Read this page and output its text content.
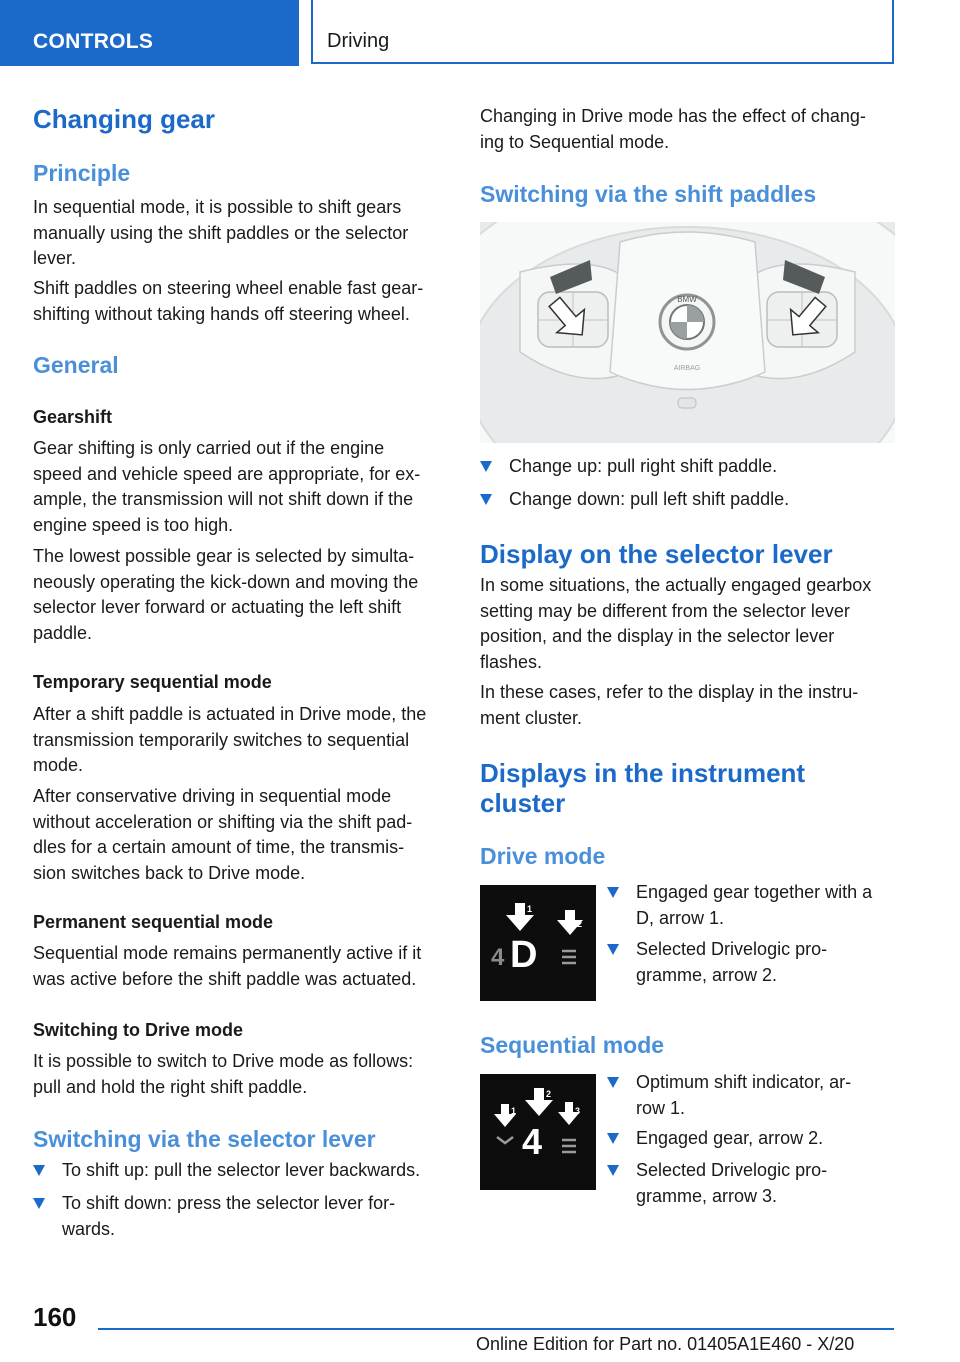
CONTROLS	Driving
Changing gear
Principle
In sequential mode, it is possible to shift gears
manually using the shift paddles or the selector
lever.
Shift paddles on steering wheel enable fast gear-
shifting without taking hands off steering wheel.
General
Gearshift
Gear shifting is only carried out if the engine
speed and vehicle speed are appropriate, for ex-
ample, the transmission will not shift down if the
engine speed is too high.
The lowest possible gear is selected by simulta-
neously operating the kick-down and moving the
selector lever forward or actuating the left shift
paddle.
Temporary sequential mode
After a shift paddle is actuated in Drive mode, the
transmission temporarily switches to sequential
mode.
After conservative driving in sequential mode
without acceleration or shifting via the shift pad-
dles for a certain amount of time, the transmis-
sion switches back to Drive mode.
Permanent sequential mode
Sequential mode remains permanently active if it
was active before the shift paddle was actuated.
Switching to Drive mode
It is possible to switch to Drive mode as follows:
pull and hold the right shift paddle.
Switching via the selector lever
To shift up: pull the selector lever backwards.
To shift down: press the selector lever for-
wards.
Changing in Drive mode has the effect of chang-
ing to Sequential mode.
Switching via the shift paddles
BMW
AIRBAG
Change up: pull right shift paddle.
Change down: pull left shift paddle.
Display on the selector lever
In some situations, the actually engaged gearbox
setting may be different from the selector lever
position, and the display in the selector lever
flashes.
In these cases, refer to the display in the instru-
ment cluster.
Displays in the instrument
cluster
Drive mode
1
2
4 D
Engaged gear together with a
D, arrow 1.
Selected Drivelogic pro-
gramme, arrow 2.
Sequential mode
1
2
3
4
Optimum shift indicator, ar-
row 1.
Engaged gear, arrow 2.
Selected Drivelogic pro-
gramme, arrow 3.
160
Online Edition for Part no. 01405A1E460 - X/20
